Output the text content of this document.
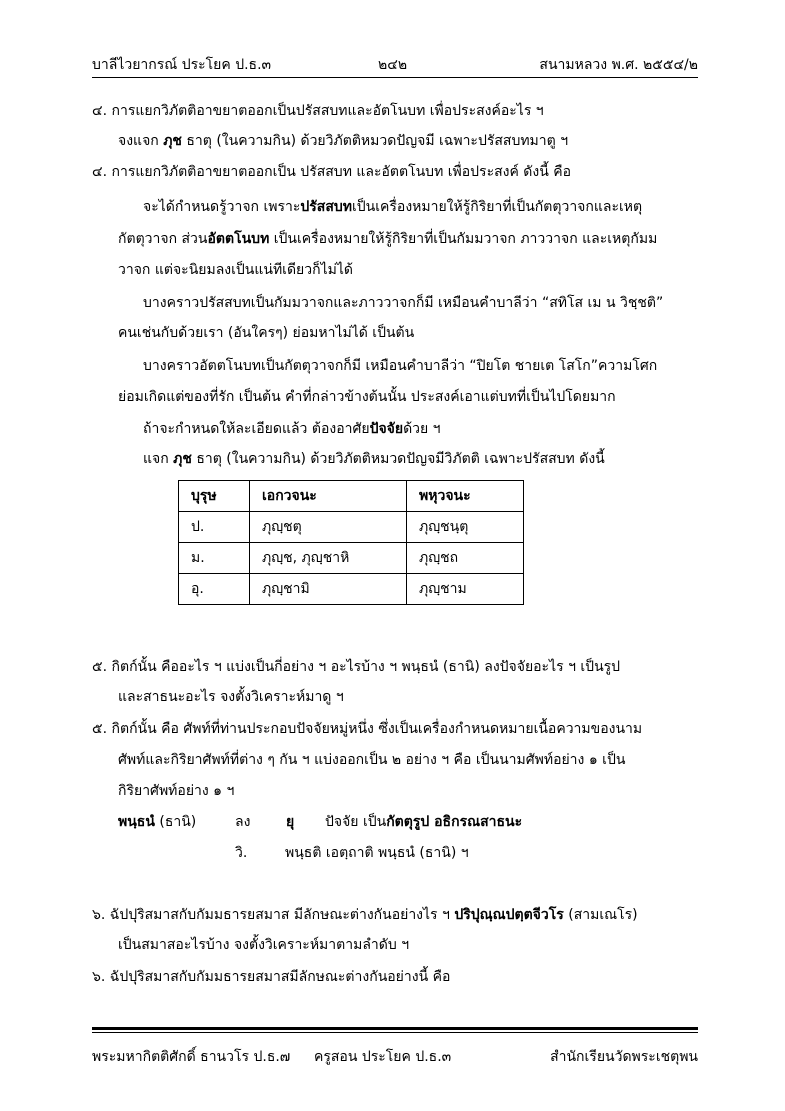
บาลีไวยากรณ์ ประโยค ป.ธ.๓	๒๔๒	สนามหลวง พ.ศ. ๒๕๕๔/๒
๔. การแยกวิภัตติอาขยาตออกเป็นปรัสสบทและอัตโนบท เพื่อประสงค์อะไร ฯ
จงแจก ภุช ธาตุ (ในความกิน) ด้วยวิภัตติหมวดปัญจมี เฉพาะปรัสสบทมาตู ฯ
๔. การแยกวิภัตติอาขยาตออกเป็น ปรัสสบท และอัตตโนบท เพื่อประสงค์ ดังนี้ คือ
จะได้กำหนดรู้วาจก เพราะปรัสสบทเป็นเครื่องหมายให้รู้กิริยาที่เป็นกัตตุวาจกและเหตุ
กัตตุวาจก ส่วนอัตตโนบท เป็นเครื่องหมายให้รู้กิริยาที่เป็นกัมมวาจก ภาววาจก และเหตุกัมม
วาจก แต่จะนิยมลงเป็นแน่ทีเดียวก็ไม่ได้
บางคราวปรัสสบทเป็นกัมมวาจกและภาววาจกก็มี เหมือนคำบาลีว่า “สทิโส เม น วิชฺชติ”
คนเช่นกับด้วยเรา (อันใครๆ) ย่อมหาไม่ได้ เป็นต้น
บางคราวอัตตโนบทเป็นกัตตุวาจกก็มี เหมือนคำบาลีว่า “ปิยโต ชายเต โสโก”ความโศก
ย่อมเกิดแต่ของที่รัก เป็นต้น คำที่กล่าวข้างต้นนั้น ประสงค์เอาแต่บทที่เป็นไปโดยมาก
ถ้าจะกำหนดให้ละเอียดแล้ว ต้องอาศัยปัจจัยด้วย ฯ
แจก ภุช ธาตุ (ในความกิน) ด้วยวิภัตติหมวดปัญจมีวิภัตติ เฉพาะปรัสสบท ดังนี้
บุรุษ	เอกวจนะ	พหุวจนะ
ป.	ภุญฺชตุ	ภุญฺชนฺตุ
ม.	ภุญฺช, ภุญฺชาหิ	ภุญฺชถ
อุ.	ภุญฺชามิ	ภุญฺชาม
๕. กิตก์นั้น คืออะไร ฯ แบ่งเป็นกี่อย่าง ฯ อะไรบ้าง ฯ พนฺธนํ (ธานิ) ลงปัจจัยอะไร ฯ เป็นรูป
และสาธนะอะไร จงตั้งวิเคราะห์มาดู ฯ
๕. กิตก์นั้น คือ ศัพท์ที่ท่านประกอบปัจจัยหมู่หนึ่ง ซึ่งเป็นเครื่องกำหนดหมายเนื้อความของนาม
ศัพท์และกิริยาศัพท์ที่ต่าง ๆ กัน ฯ แบ่งออกเป็น ๒ อย่าง ฯ คือ เป็นนามศัพท์อย่าง ๑ เป็น
กิริยาศัพท์อย่าง ๑ ฯ
พนฺธนํ (ธานิ)	ลง	ยุ ปัจจัย เป็นกัตตุรูป อธิกรณสาธนะ
วิ.	พนฺธติ เอตฺถาติ พนฺธนํ (ธานิ) ฯ
๖. ฉัปปุริสมาสกับกัมมธารยสมาส มีลักษณะต่างกันอย่างไร ฯ ปริปุณฺณปตฺตจีวโร (สามเณโร)
เป็นสมาสอะไรบ้าง จงตั้งวิเคราะห์มาตามลำดับ ฯ
๖. ฉัปปุริสมาสกับกัมมธารยสมาสมีลักษณะต่างกันอย่างนี้ คือ
พระมหากิตติศักดิ์ ธานวโร ป.ธ.๗ ครูสอน ประโยค ป.ธ.๓	สำนักเรียนวัดพระเชตุพน
